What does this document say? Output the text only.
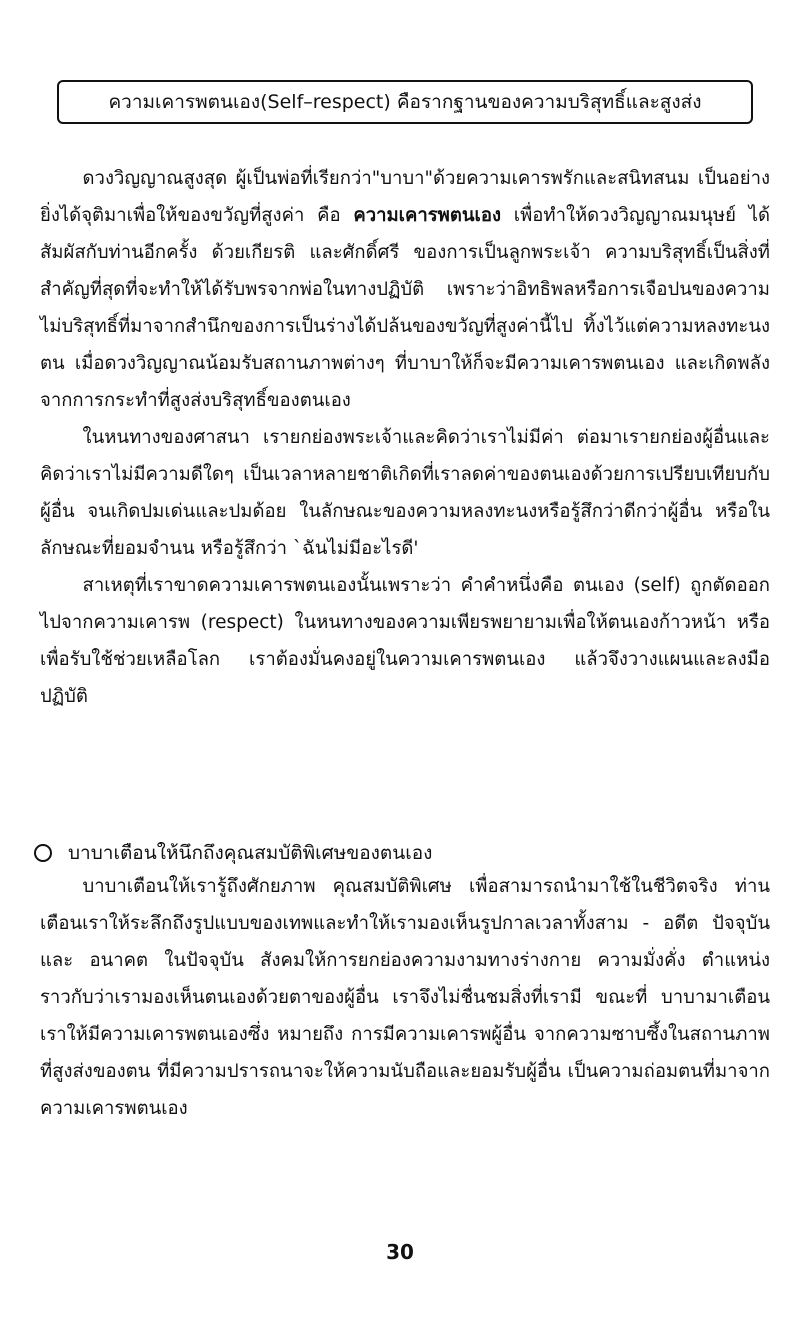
ความเคารพตนเอง(Self–respect) คือรากฐานของความบริสุทธิ์และสูงส่ง

ดวงวิญญาณสูงสุด ผู้เป็นพ่อที่เรียกว่า"บาบา"ด้วยความเคารพรักและสนิทสนม เป็นอย่างยิ่งได้จุติมาเพื่อให้ของขวัญที่สูงค่า คือ ความเคารพตนเอง เพื่อทำให้ดวงวิญญาณมนุษย์ ได้สัมผัสกับท่านอีกครั้ง ด้วยเกียรติ และศักดิ์ศรี ของการเป็นลูกพระเจ้า ความบริสุทธิ์เป็นสิ่งที่สำคัญที่สุดที่จะทำให้ได้รับพรจากพ่อในทางปฏิบัติ เพราะว่าอิทธิพลหรือการเจือปนของความไม่บริสุทธิ์ที่มาจากสำนึกของการเป็นร่างได้ปล้นของขวัญที่สูงค่านี้ไป ทิ้งไว้แต่ความหลงทะนงตน เมื่อดวงวิญญาณน้อมรับสถานภาพต่างๆ ที่บาบาให้ก็จะมีความเคารพตนเอง และเกิดพลังจากการกระทำที่สูงส่งบริสุทธิ์ของตนเอง

ในหนทางของศาสนา เรายกย่องพระเจ้าและคิดว่าเราไม่มีค่า ต่อมาเรายกย่องผู้อื่นและคิดว่าเราไม่มีความดีใดๆ เป็นเวลาหลายชาติเกิดที่เราลดค่าของตนเองด้วยการเปรียบเทียบกับผู้อื่น จนเกิดปมเด่นและปมด้อย ในลักษณะของความหลงทะนงหรือรู้สึกว่าดีกว่าผู้อื่น หรือในลักษณะที่ยอมจำนน หรือรู้สึกว่า `ฉันไม่มีอะไรดี'

สาเหตุที่เราขาดความเคารพตนเองนั้นเพราะว่า คำคำหนึ่งคือ ตนเอง (self) ถูกตัดออกไปจากความเคารพ (respect) ในหนทางของความเพียรพยายามเพื่อให้ตนเองก้าวหน้า หรือเพื่อรับใช้ช่วยเหลือโลก เราต้องมั่นคงอยู่ในความเคารพตนเอง แล้วจึงวางแผนและลงมือปฏิบัติ

บาบาเตือนให้นึกถึงคุณสมบัติพิเศษของตนเอง

บาบาเตือนให้เรารู้ถึงศักยภาพ คุณสมบัติพิเศษ เพื่อสามารถนำมาใช้ในชีวิตจริง ท่านเตือนเราให้ระลึกถึงรูปแบบของเทพและทำให้เรามองเห็นรูปกาลเวลาทั้งสาม - อดีต ปัจจุบัน และ อนาคต ในปัจจุบัน สังคมให้การยกย่องความงามทางร่างกาย ความมั่งคั่ง ตำแหน่ง ราวกับว่าเรามองเห็นตนเองด้วยตาของผู้อื่น เราจึงไม่ชื่นชมสิ่งที่เรามี ขณะที่ บาบามาเตือนเราให้มีความเคารพตนเองซึ่ง หมายถึง การมีความเคารพผู้อื่น จากความซาบซึ้งในสถานภาพที่สูงส่งของตน ที่มีความปรารถนาจะให้ความนับถือและยอมรับผู้อื่น เป็นความถ่อมตนที่มาจากความเคารพตนเอง

30
